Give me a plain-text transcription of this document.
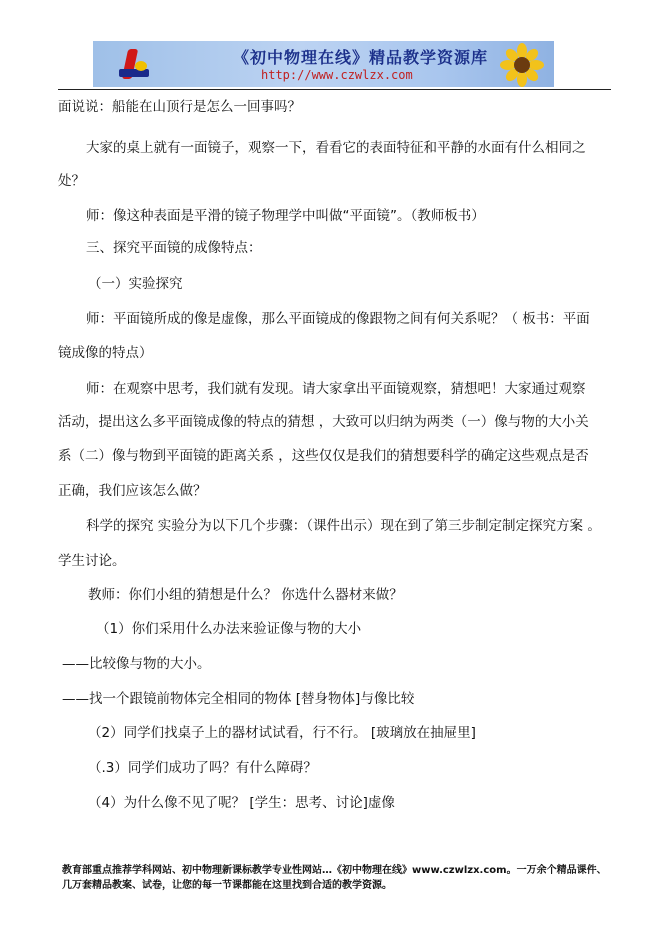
《初中物理在线》精品教学资源库
http://www.czwlzx.com
面说说：船能在山顶行是怎么一回事吗？
大家的桌上就有一面镜子，观察一下，看看它的表面特征和平静的水面有什么相同之
处？
师：像这种表面是平滑的镜子物理学中叫做“平面镜”。（教师板书）
三、探究平面镜的成像特点：
（一）实验探究
师：平面镜所成的像是虚像，那么平面镜成的像跟物之间有何关系呢？（ 板书：平面
镜成像的特点）
师：在观察中思考，我们就有发现。请大家拿出平面镜观察，猜想吧！大家通过观察
活动，提出这么多平面镜成像的特点的猜想 ，大致可以归纳为两类（一）像与物的大小关
系（二）像与物到平面镜的距离关系 ，这些仅仅是我们的猜想要科学的确定这些观点是否
正确，我们应该怎么做？
科学的探究 实验分为以下几个步骤：（课件出示）现在到了第三步制定制定探究方案 。
学生讨论。
教师：你们小组的猜想是什么？ 你选什么器材来做？
（1）你们采用什么办法来验证像与物的大小
——比较像与物的大小。
——找一个跟镜前物体完全相同的物体 [替身物体]与像比较
（2）同学们找桌子上的器材试试看，行不行。 [玻璃放在抽屉里]
（.3）同学们成功了吗？有什么障碍？
（4）为什么像不见了呢？ [学生：思考、讨论]虚像
教育部重点推荐学科网站、初中物理新课标教学专业性网站…《初中物理在线》www.czwlzx.com。一万余个精品课件、
几万套精品教案、试卷，让您的每一节课都能在这里找到合适的教学资源。
